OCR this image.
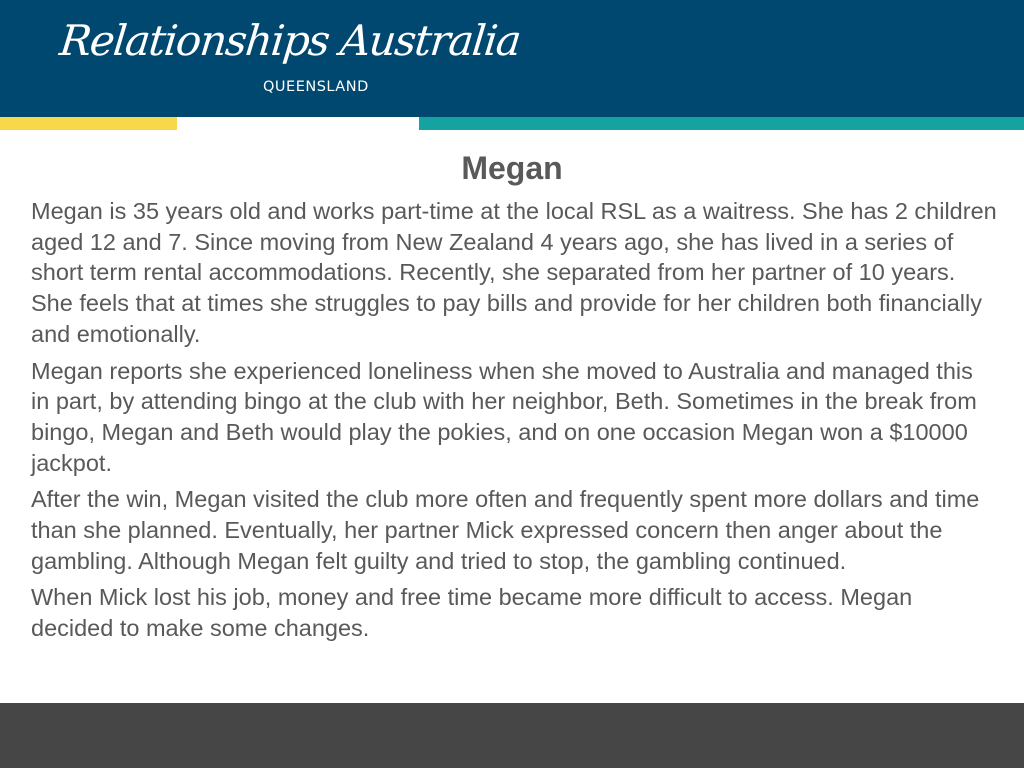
Relationships Australia
QUEENSLAND
Megan

Megan is 35 years old and works part-time at the local RSL as a waitress. She has 2 children aged 12 and 7. Since moving from New Zealand 4 years ago, she has lived in a series of short term rental accommodations. Recently, she separated from her partner of 10 years. She feels that at times she struggles to pay bills and provide for her children both financially and emotionally.

Megan reports she experienced loneliness when she moved to Australia and managed this in part, by attending bingo at the club with her neighbor, Beth. Sometimes in the break from bingo, Megan and Beth would play the pokies, and on one occasion Megan won a $10000 jackpot.

After the win, Megan visited the club more often and frequently spent more dollars and time than she planned. Eventually, her partner Mick expressed concern then anger about the gambling. Although Megan felt guilty and tried to stop, the gambling continued.

When Mick lost his job, money and free time became more difficult to access. Megan decided to make some changes.
